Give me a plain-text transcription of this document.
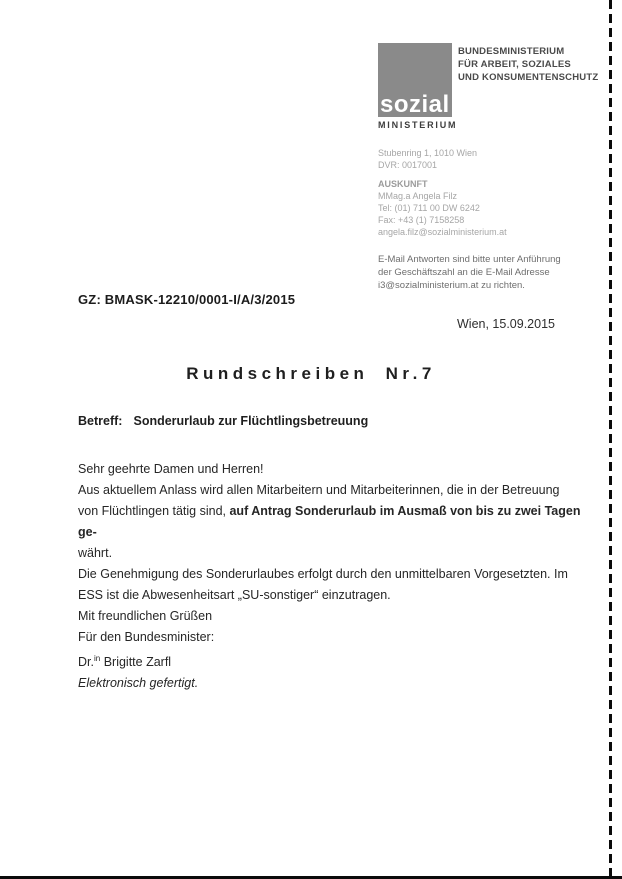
sozial
MINISTERIUM
BUNDESMINISTERIUM
FÜR ARBEIT, SOZIALES
UND KONSUMENTENSCHUTZ
Stubenring 1, 1010 Wien
DVR: 0017001
AUSKUNFT
MMag.a Angela Filz
Tel: (01) 711 00 DW 6242
Fax: +43 (1) 7158258
angela.filz@sozialministerium.at
E-Mail Antworten sind bitte unter Anführung der Geschäftszahl an die E-Mail Adresse i3@sozialministerium.at zu richten.
GZ: BMASK-12210/0001-I/A/3/2015
Wien, 15.09.2015
Rundschreiben Nr.7
Betreff: Sonderurlaub zur Flüchtlingsbetreuung

Sehr geehrte Damen und Herren!

Aus aktuellem Anlass wird allen Mitarbeitern und Mitarbeiterinnen, die in der Betreuung von Flüchtlingen tätig sind, auf Antrag Sonderurlaub im Ausmaß von bis zu zwei Tagen ge-
währt.

Die Genehmigung des Sonderurlaubes erfolgt durch den unmittelbaren Vorgesetzten. Im ESS ist die Abwesenheitsart „SU-sonstiger“ einzutragen.

Mit freundlichen Grüßen

Für den Bundesminister:

Dr.$^{in}$ Brigitte Zarfl

Elektronisch gefertigt.
